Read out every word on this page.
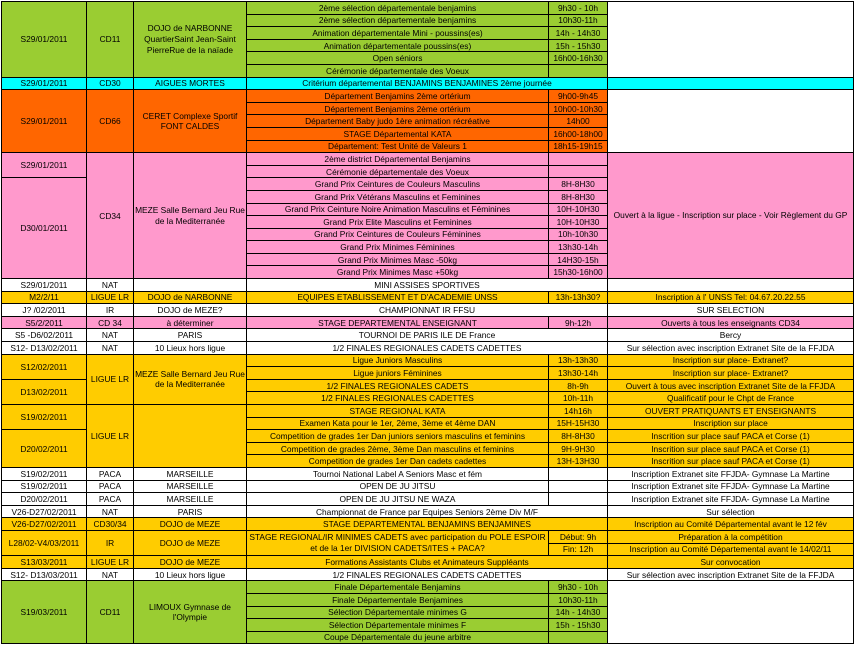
S29/01/2011	CD11	DOJO de NARBONNE QuartierSaint Jean-Saint PierreRue de la naïade	2ème sélection départementale benjamins	9h30 - 10h	
			2ème sélection départementale benjamins	10h30-11h	
			Animation départementale Mini - poussins(es)	14h - 14h30	
			Animation départementale poussins(es)	15h - 15h30	
			Open séniors	16h00-16h30	
			Cérémonie départementale des Voeux		
S29/01/2011	CD30	AIGUES MORTES	Critérium départemental BENJAMINS BENJAMINES 2ème journée		
S29/01/2011	CD66	CERET Complexe Sportif FONT CALDES	Département Benjamins 2ème ortérium	9h00-9h45	
			Département Benjamins 2ème ortérium	10h00-10h30	
			Département Baby judo 1ère animation récréative	14h00	
			STAGE Départemental KATA	16h00-18h00	
			Département: Test Unité de Valeurs 1	18h15-19h15	
S29/01/2011	CD34	MEZE Salle Bernard Jeu Rue de la Mediterranée	2ème district Départemental Benjamins		Ouvert à la ligue - Inscription sur place - Voir Règlement du GP
			Cérémonie départementale des Voeux		
D30/01/2011			Grand Prix Ceintures de Couleurs Masculins	8H-8H30	
			Grand Prix Vétérans Masculins et Feminines	8H-8H30	
			Grand Prix Ceinture Noire Animation Masculins et Féminines	10H-10H30	
			Grand Prix Elite Masculins et Feminines	10H-10H30	
			Grand Prix Ceintures de Couleurs Féminines	10h-10h30	
			Grand Prix Minimes Féminines	13h30-14h	
			Grand Prix Minimes Masc -50kg	14H30-15h	
			Grand Prix Minimes Masc +50kg	15h30-16h00	
S29/01/2011	NAT		MINI ASSISES SPORTIVES		
M2/2/11	LIGUE LR	DOJO de NARBONNE	EQUIPES ETABLISSEMENT ET D'ACADEMIE UNSS	13h-13h30?	Inscription à l' UNSS Tel: 04.67.20.22.55
J? /02/2011	IR	DOJO de MEZE?	CHAMPIONNAT IR FFSU		SUR SELECTION
S5/2/2011	CD 34	à déterminer	STAGE DEPARTEMENTAL ENSEIGNANT	9h-12h	Ouverts à tous les enseignants CD34
S5 -D6/02/2011	NAT	PARIS	TOURNOI DE PARIS ILE DE France		Bercy
S12- D13/02/2011	NAT	10 Lieux hors ligue	1/2 FINALES REGIONALES CADETS CADETTES		Sur sélection avec inscription Extranet Site de la FFJDA
S12/02/2011	LIGUE LR	MEZE Salle Bernard Jeu Rue de la Mediterranée	Ligue Juniors Masculins	13h-13h30	Inscription sur place- Extranet?
			Ligue juniors Féminines	13h30-14h	Inscription sur place- Extranet?
D13/02/2011			1/2 FINALES REGIONALES CADETS	8h-9h	Ouvert à tous avec inscription Extranet Site de la FFJDA
			1/2 FINALES REGIONALES CADETTES	10h-11h	Qualificatif pour le Chpt de France
S19/02/2011	LIGUE LR		STAGE REGIONAL KATA	14h16h	OUVERT PRATIQUANTS ET ENSEIGNANTS
			Examen Kata pour le 1er, 2ème, 3ème et 4ème DAN	15H-15H30	Inscription sur place
D20/02/2011			Competition de grades 1er Dan juniors seniors masculins et feminins	8H-8H30	Inscrition sur place sauf PACA et Corse (1)
			Competition de grades 2ème, 3ème Dan masculins et feminins	9H-9H30	Inscrition sur place sauf PACA et Corse (1)
			Competition de grades 1er Dan cadets cadettes	13H-13H30	Inscrition sur place sauf PACA et Corse (1)
S19/02/2011	PACA	MARSEILLE	Tournoi National Label A Seniors Masc et fém		Inscription Extranet site FFJDA- Gymnase La Martine
S19/02/2011	PACA	MARSEILLE	OPEN DE JU JITSU		Inscription Extranet site FFJDA- Gymnase La Martine
D20/02/2011	PACA	MARSEILLE	OPEN DE JU JITSU NE WAZA		Inscription Extranet site FFJDA- Gymnase La Martine
V26-D27/02/2011	NAT	PARIS	Championnat de France par Equipes Seniors 2ème Div M/F		Sur sélection
V26-D27/02/2011	CD30/34	DOJO de MEZE	STAGE DEPARTEMENTAL BENJAMINS BENJAMINES		Inscription au Comité Départemental avant le 12 fév
L28/02-V4/03/2011	IR	DOJO de MEZE	STAGE REGIONAL/IR MINIMES CADETS avec participation du POLE ESPOIR et de la 1er DIVISION CADETS/ITES + PACA?	Début: 9h	Préparation à la compétition
				Fin: 12h	Inscription au Comité Départemental avant le 14/02/11
S13/03/2011	LIGUE LR	DOJO de MEZE	Formations Assistants Clubs et Animateurs Suppléants		Sur convocation
S12- D13/03/2011	NAT	10 Lieux hors ligue	1/2 FINALES REGIONALES CADETS CADETTES		Sur sélection avec inscription Extranet Site de la FFJDA
S19/03/2011	CD11	LIMOUX Gymnase de l'Olympie	Finale Départementale Benjamins	9h30 - 10h	
			Finale Départementale Benjamines	10h30-11h	
			Sélection Départementale minimes G	14h - 14h30	
			Sélection Départementale minimes F	15h - 15h30	
			Coupe Départementale du jeune arbitre		
